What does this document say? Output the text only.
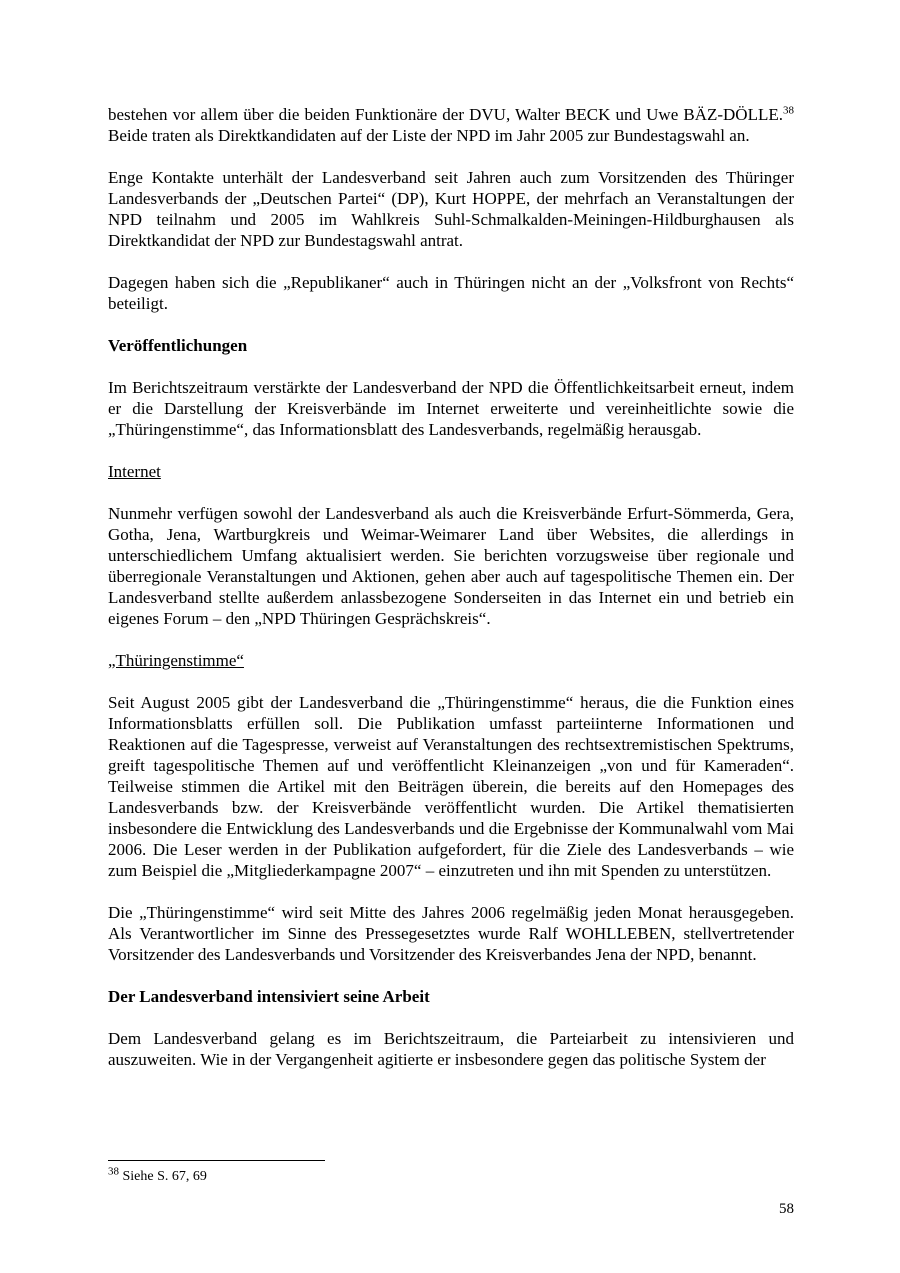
bestehen vor allem über die beiden Funktionäre der DVU, Walter BECK und Uwe BÄZ-DÖLLE.$^{38}$ Beide traten als Direktkandidaten auf der Liste der NPD im Jahr 2005 zur Bundestagswahl an.

Enge Kontakte unterhält der Landesverband seit Jahren auch zum Vorsitzenden des Thüringer Landesverbands der „Deutschen Partei“ (DP), Kurt HOPPE, der mehrfach an Veranstaltungen der NPD teilnahm und 2005 im Wahlkreis Suhl-Schmalkalden-Meiningen-Hildburghausen als Direktkandidat der NPD zur Bundestagswahl antrat.

Dagegen haben sich die „Republikaner“ auch in Thüringen nicht an der „Volksfront von Rechts“ beteiligt.

Veröffentlichungen

Im Berichtszeitraum verstärkte der Landesverband der NPD die Öffentlichkeitsarbeit erneut, indem er die Darstellung der Kreisverbände im Internet erweiterte und vereinheitlichte sowie die „Thüringenstimme“, das Informationsblatt des Landesverbands, regelmäßig herausgab.

Internet

Nunmehr verfügen sowohl der Landesverband als auch die Kreisverbände Erfurt-Sömmerda, Gera, Gotha, Jena, Wartburgkreis und Weimar-Weimarer Land über Websites, die allerdings in unterschiedlichem Umfang aktualisiert werden. Sie berichten vorzugsweise über regionale und überregionale Veranstaltungen und Aktionen, gehen aber auch auf tagespolitische Themen ein. Der Landesverband stellte außerdem anlassbezogene Sonderseiten in das Internet ein und betrieb ein eigenes Forum – den „NPD Thüringen Gesprächskreis“.

„Thüringenstimme“

Seit August 2005 gibt der Landesverband die „Thüringenstimme“ heraus, die die Funktion eines Informationsblatts erfüllen soll. Die Publikation umfasst parteiinterne Informationen und Reaktionen auf die Tagespresse, verweist auf Veranstaltungen des rechtsextremistischen Spektrums, greift tagespolitische Themen auf und veröffentlicht Kleinanzeigen „von und für Kameraden“. Teilweise stimmen die Artikel mit den Beiträgen überein, die bereits auf den Homepages des Landesverbands bzw. der Kreisverbände veröffentlicht wurden. Die Artikel thematisierten insbesondere die Entwicklung des Landesverbands und die Ergebnisse der Kommunalwahl vom Mai 2006. Die Leser werden in der Publikation aufgefordert, für die Ziele des Landesverbands – wie zum Beispiel die „Mitgliederkampagne 2007“ – einzutreten und ihn mit Spenden zu unterstützen.

Die „Thüringenstimme“ wird seit Mitte des Jahres 2006 regelmäßig jeden Monat herausgegeben. Als Verantwortlicher im Sinne des Pressegesetztes wurde Ralf WOHLLEBEN, stellvertretender Vorsitzender des Landesverbands und Vorsitzender des Kreisverbandes Jena der NPD, benannt.

Der Landesverband intensiviert seine Arbeit

Dem Landesverband gelang es im Berichtszeitraum, die Parteiarbeit zu intensivieren und auszuweiten. Wie in der Vergangenheit agitierte er insbesondere gegen das politische System der

$^{38}$ Siehe S. 67, 69
58
